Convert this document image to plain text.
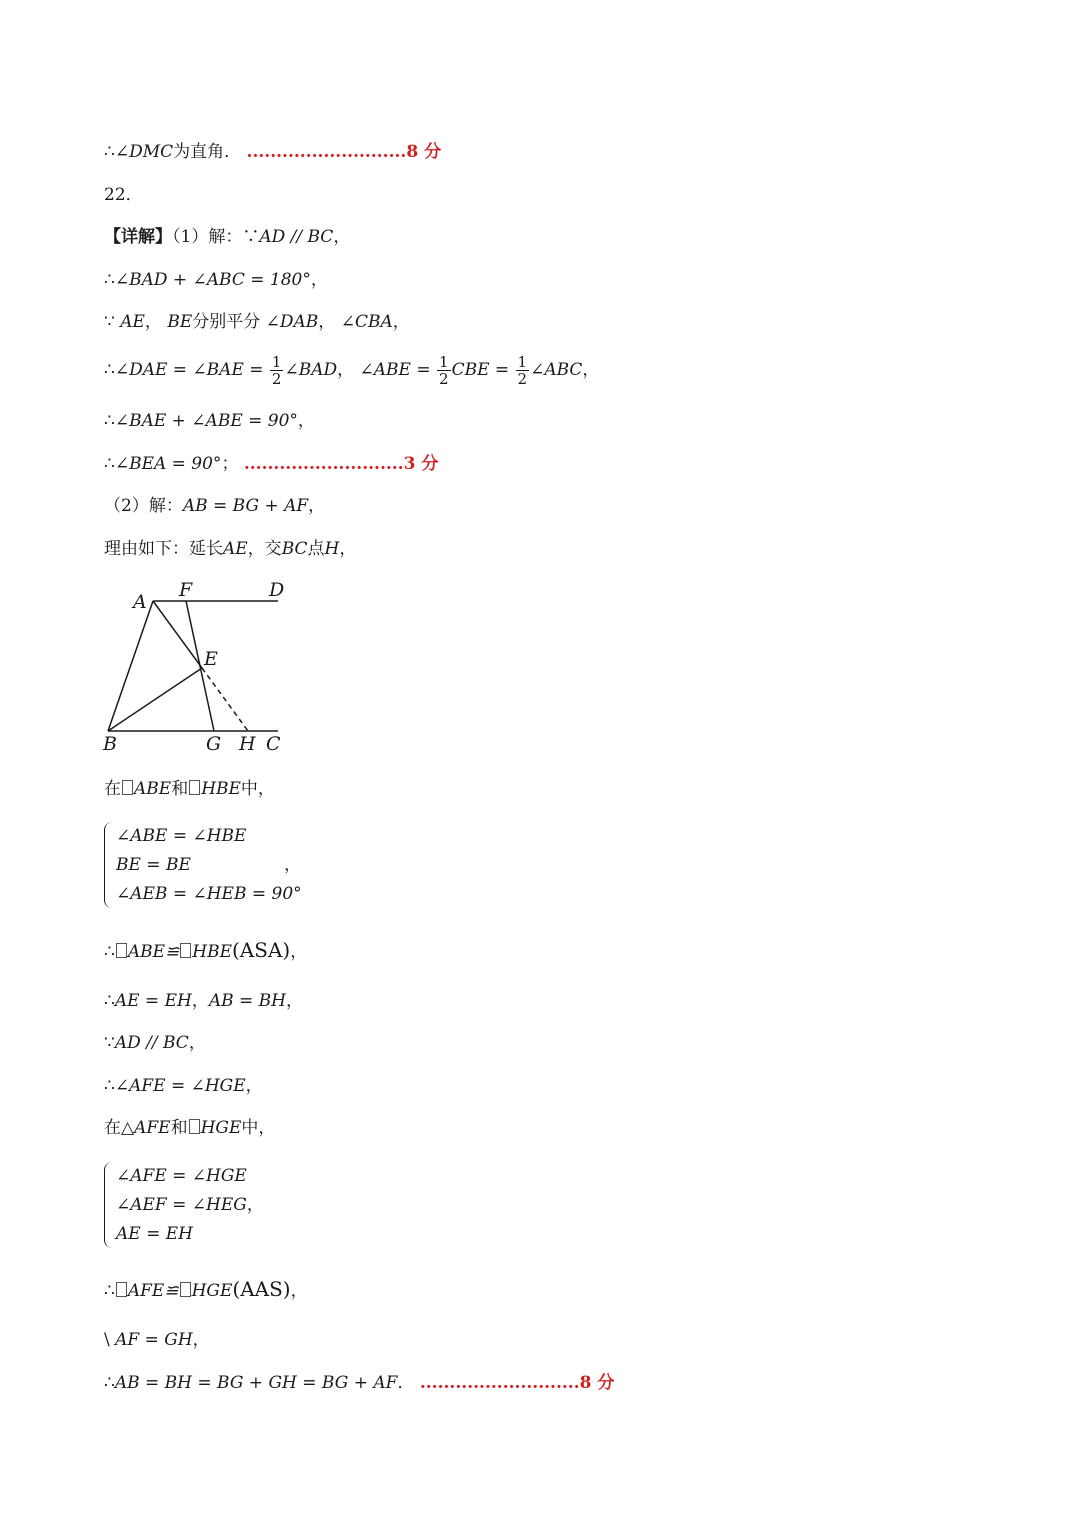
∴∠DMC为直角． ...........................8 分
22．
【详解】（1）解：∵AD // BC，
∴∠BAD + ∠ABC = 180°，
∵ AE， BE分别平分 ∠DAB， ∠CBA，
∴∠DAE = ∠BAE = $\frac{1}{2}$ ∠BAD， ∠ABE = $\frac{1}{2}$ CBE = $\frac{1}{2}$ ∠ABC，
∴∠BAE + ∠ABE = 90°，
∴∠BEA = 90°； ...........................3 分
（2）解：AB = BG + AF，
理由如下：延长AE，交BC点H，
A
F	D
E
B	G H C
在 ABE和 HBE中，
∠ABE = ∠HBE
BE = BE
∠AEB = ∠HEB = 90°
，
∴ ABE≌ HBE(ASA)，
∴AE = EH，AB = BH，
∵AD // BC，
∴∠AFE = ∠HGE，
在△AFE和 HGE中，
∠AFE = ∠HGE
∠AEF = ∠HEG，
AE = EH
∴ AFE≌ HGE(AAS)，
\ AF = GH，
∴AB = BH = BG + GH = BG + AF． ...........................8 分
